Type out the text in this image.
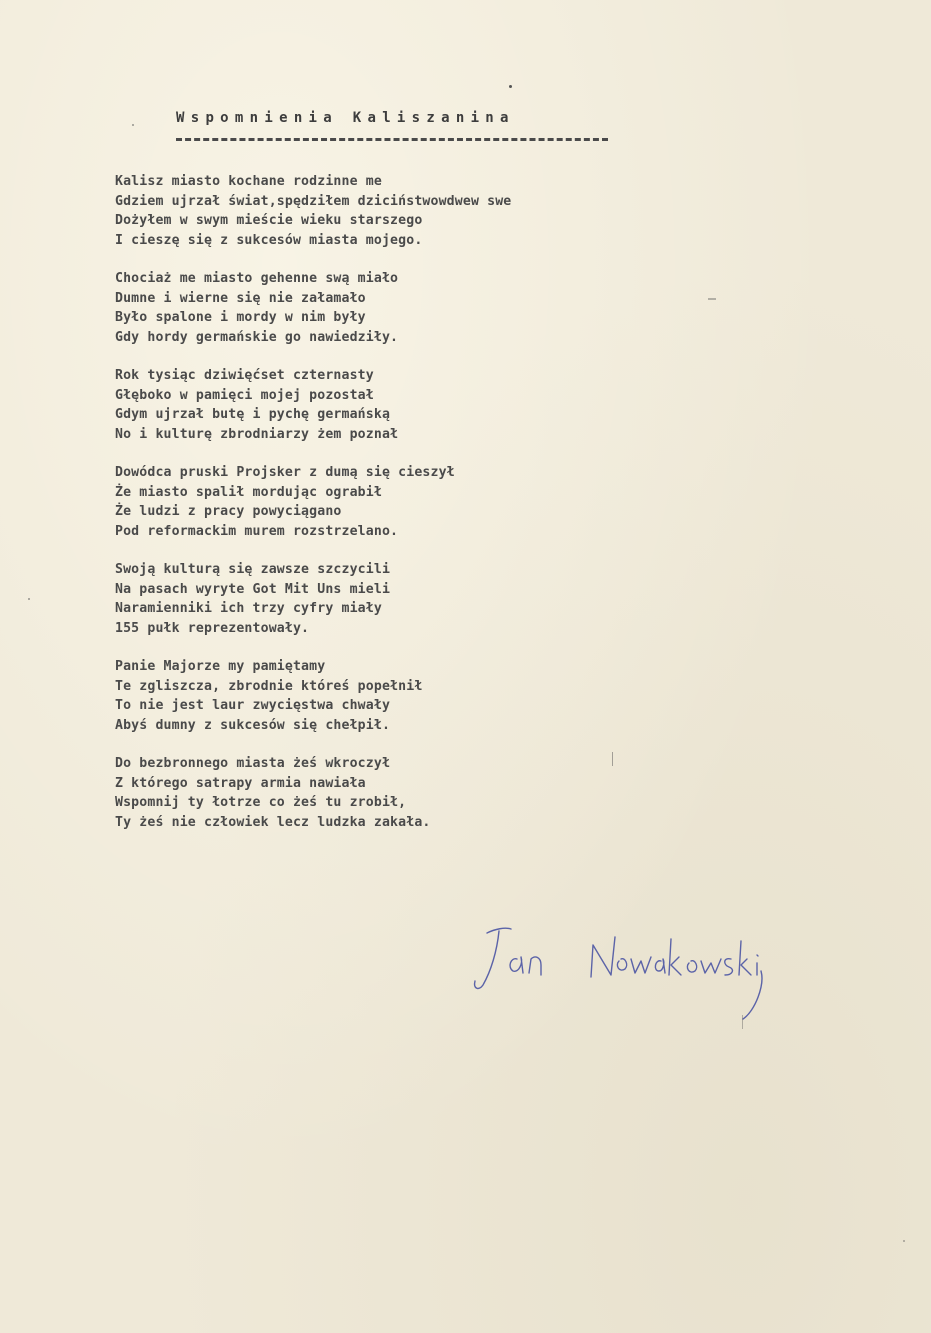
Wspomnienia Kaliszanina
Kalisz miasto kochane rodzinne me
Gdziem ujrzał świat,spędziłem dziciństwowdwew swe
Dożyłem w swym mieście wieku starszego
I cieszę się z sukcesów miasta mojego.
Chociaż me miasto gehenne swą miało
Dumne i wierne się nie załamało
Było spalone i mordy w nim były
Gdy hordy germańskie go nawiedziły.
Rok tysiąc dziwięćset czternasty
Głęboko w pamięci mojej pozostał
Gdym ujrzał butę i pychę germańską
No i kulturę zbrodniarzy żem poznał
Dowódca pruski Projsker z dumą się cieszył
Że miasto spalił mordując ograbił
Że ludzi z pracy powyciągano
Pod reformackim murem rozstrzelano.
Swoją kulturą się zawsze szczycili
Na pasach wyryte Got Mit Uns mieli
Naramienniki ich trzy cyfry miały
155 pułk reprezentowały.
Panie Majorze my pamiętamy
Te zgliszcza, zbrodnie któreś popełnił
To nie jest laur zwycięstwa chwały
Abyś dumny z sukcesów się chełpił.
Do bezbronnego miasta żeś wkroczył
Z którego satrapy armia nawiała
Wspomnij ty łotrze co żeś tu zrobił,
Ty żeś nie człowiek lecz ludzka zakała.
